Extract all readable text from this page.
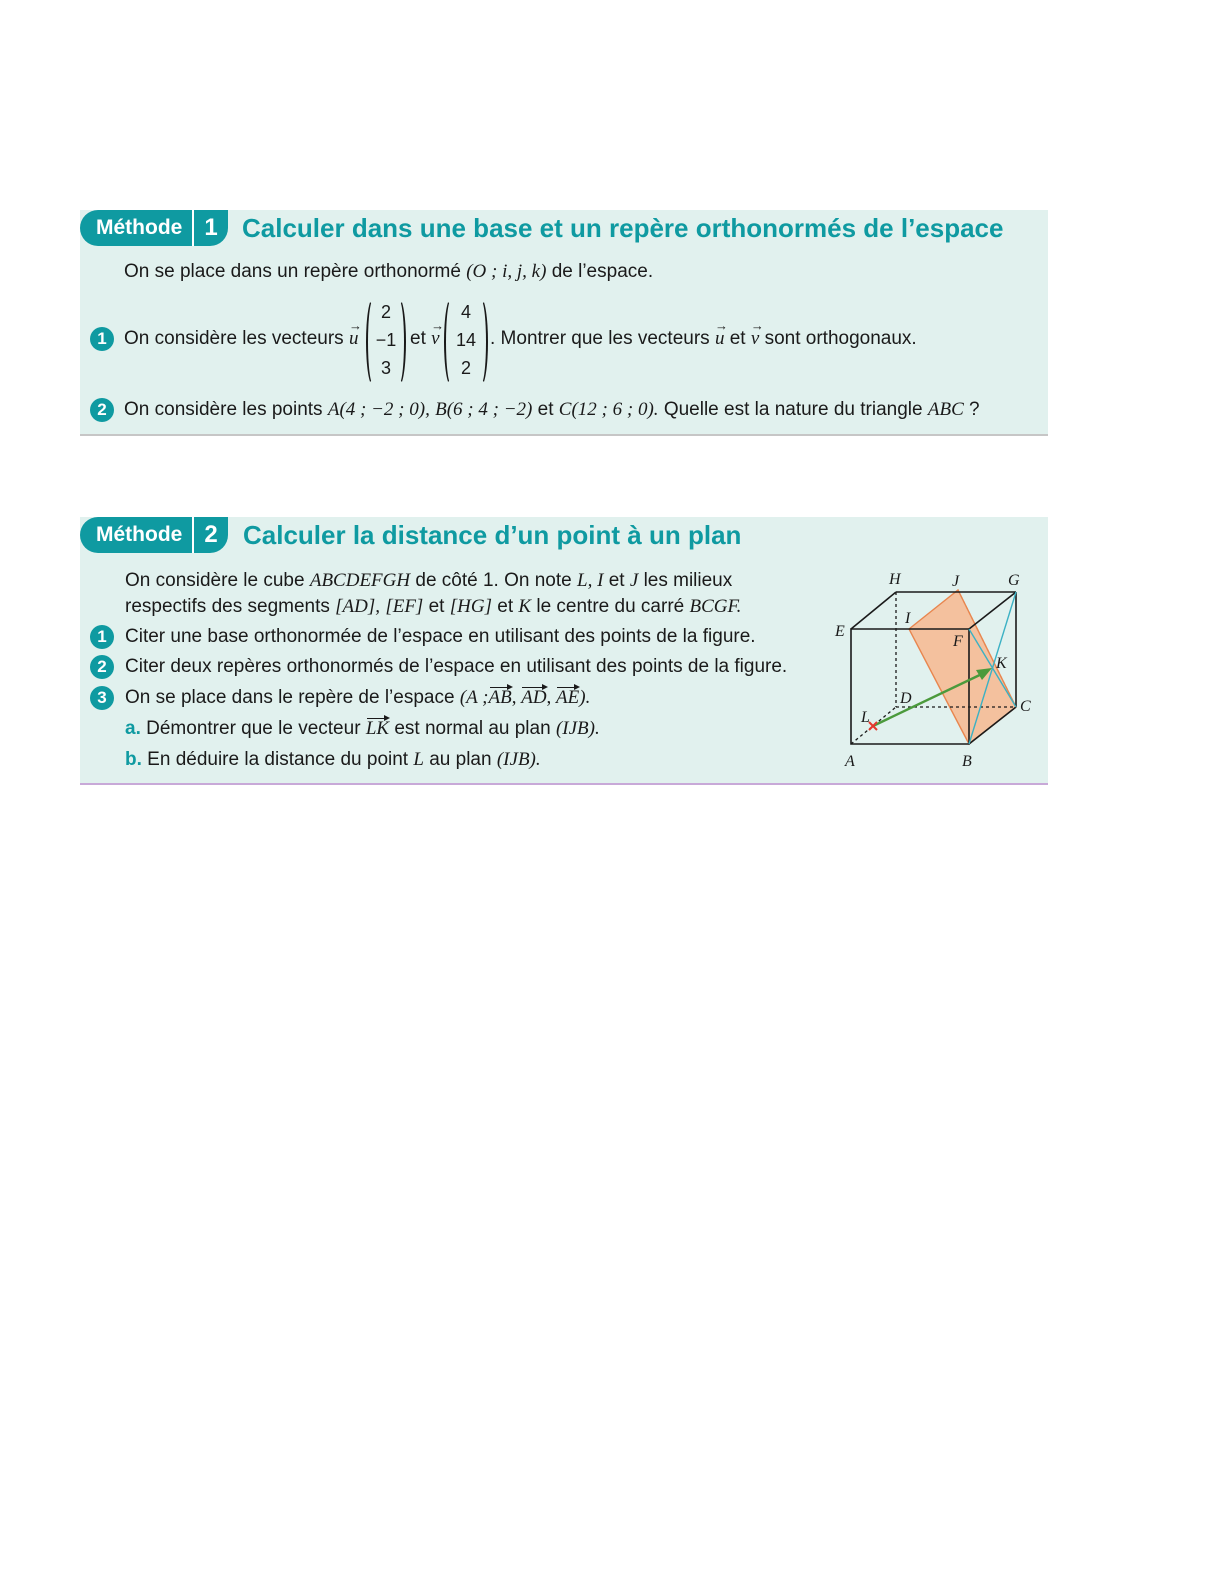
Méthode 1 Calculer dans une base et un repère orthonormés de l’espace
On se place dans un repère orthonormé (O ; i, j, k) de l’espace.
1 On considère les vecteurs → u
2
−1
3
et → v
4
14
2
. Montrer que les vecteurs → u et → v sont orthogonaux.
2 On considère les points A(4 ; −2 ; 0), B(6 ; 4 ; −2) et C(12 ; 6 ; 0). Quelle est la nature du triangle ABC ?
Méthode 2 Calculer la distance d’un point à un plan
On considère le cube ABCDEFGH de côté 1. On note L, I et J les milieux
respectifs des segments [AD], [EF] et [HG] et K le centre du carré BCGF.
1 Citer une base orthonormée de l’espace en utilisant des points de la figure.
2 Citer deux repères orthonormés de l’espace en utilisant des points de la figure.
3 On se place dans le repère de l’espace (A ;AB, AD, AE).
a. Démontrer que le vecteur LK est normal au plan (IJB).
b. En déduire la distance du point L au plan (IJB).
H	J	G
E
I
F
K
D	C
L
A	B
